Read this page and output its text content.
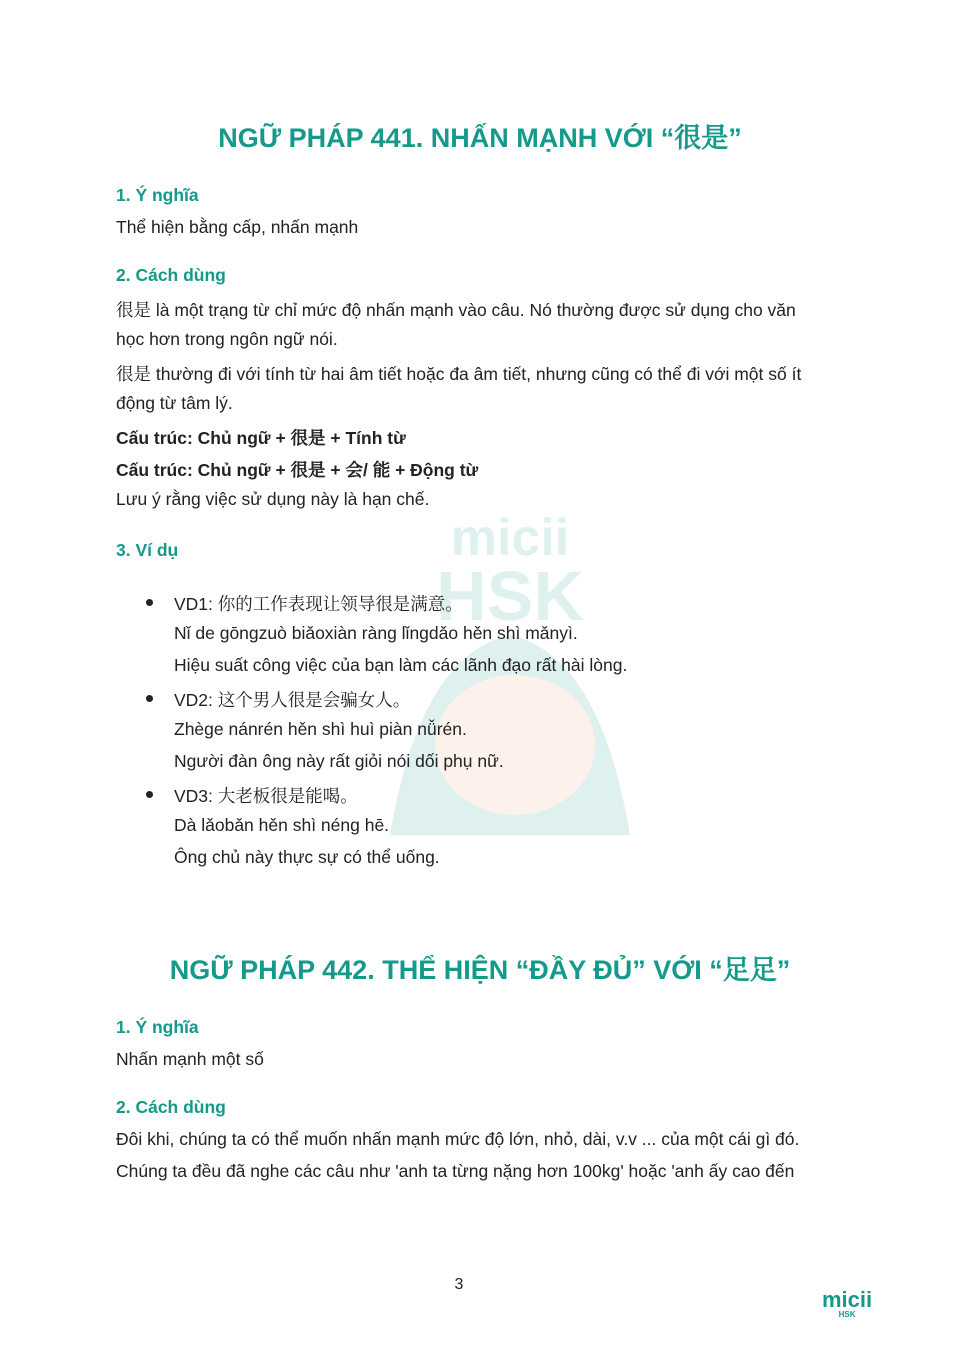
micii
HSK
NGỮ PHÁP 441. NHẤN MẠNH VỚI “很是”
1. Ý nghĩa
Thể hiện bằng cấp, nhấn mạnh
2. Cách dùng
很是 là một trạng từ chỉ mức độ nhấn mạnh vào câu. Nó thường được sử dụng cho văn
học hơn trong ngôn ngữ nói.
很是 thường đi với tính từ hai âm tiết hoặc đa âm tiết, nhưng cũng có thể đi với một số ít
động từ tâm lý.
Cấu trúc: Chủ ngữ + 很是 + Tính từ
Cấu trúc: Chủ ngữ + 很是 + 会/ 能 + Động từ
Lưu ý rằng việc sử dụng này là hạn chế.
3. Ví dụ
VD1: 你的工作表现让领导很是满意。
Nǐ de gōngzuò biǎoxiàn ràng lǐngdǎo hěn shì mǎnyì.
Hiệu suất công việc của bạn làm các lãnh đạo rất hài lòng.
VD2: 这个男人很是会骗女人。
Zhège nánrén hěn shì huì piàn nǚrén.
Người đàn ông này rất giỏi nói dối phụ nữ.
VD3: 大老板很是能喝。
Dà lǎobǎn hěn shì néng hē.
Ông chủ này thực sự có thể uống.
NGỮ PHÁP 442. THỂ HIỆN “ĐẦY ĐỦ” VỚI “足足”
1. Ý nghĩa
Nhấn mạnh một số
2. Cách dùng
Đôi khi, chúng ta có thể muốn nhấn mạnh mức độ lớn, nhỏ, dài, v.v ... của một cái gì đó.
Chúng ta đều đã nghe các câu như 'anh ta từng nặng hơn 100kg' hoặc 'anh ấy cao đến
3
micii
HSK
